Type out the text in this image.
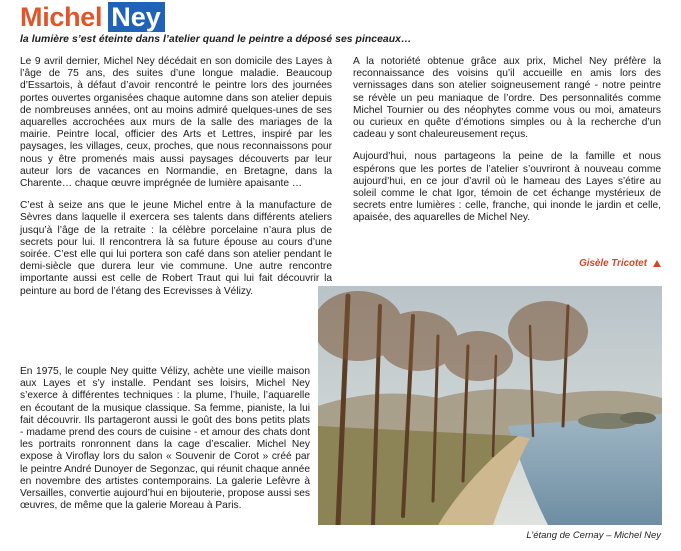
Michel Ney
la lumière s’est éteinte dans l’atelier quand le peintre a déposé ses pinceaux…

Le 9 avril dernier, Michel Ney décédait en son domicile des Layes à l’âge de 75 ans, des suites d’une longue maladie. Beaucoup d’Essartois, à défaut d’avoir rencontré le peintre lors des journées portes ouvertes organisées chaque automne dans son atelier depuis de nombreuses années, ont au moins admiré quelques-unes de ses aquarelles accrochées aux murs de la salle des mariages de la mairie. Peintre local, officier des Arts et Lettres, inspiré par les paysages, les villages, ceux, proches, que nous reconnaissons pour nous y être promenés mais aussi paysages découverts par leur auteur lors de vacances en Normandie, en Bretagne, dans la Charente… chaque œuvre imprégnée de lumière apaisante …

C’est à seize ans que le jeune Michel entre à la manufacture de Sèvres dans laquelle il exercera ses talents dans différents ateliers jusqu’à l’âge de la retraite : la célèbre porcelaine n’aura plus de secrets pour lui. Il rencontrera là sa future épouse au cours d’une soirée. C’est elle qui lui portera son café dans son atelier pendant le demi-siècle que durera leur vie commune. Une autre rencontre importante aussi est celle de Robert Traut qui lui fait découvrir la peinture au bord de l’étang des Ecrevisses à Vélizy.

En 1975, le couple Ney quitte Vélizy, achète une vieille maison aux Layes et s’y installe. Pendant ses loisirs, Michel Ney s’exerce à différentes techniques : la plume, l’huile, l’aquarelle en écoutant de la musique classique. Sa femme, pianiste, la lui fait découvrir. Ils partageront aussi le goût des bons petits plats - madame prend des cours de cuisine - et amour des chats dont les portraits ronronnent dans la cage d’escalier. Michel Ney expose à Viroflay lors du salon « Souvenir de Corot » créé par le peintre André Dunoyer de Segonzac, qui réunit chaque année en novembre des artistes contemporains. La galerie Lefèvre à Versailles, convertie aujourd’hui en bijouterie, propose aussi ses œuvres, de même que la galerie Moreau à Paris.

A la notoriété obtenue grâce aux prix, Michel Ney préfère la reconnaissance des voisins qu’il accueille en amis lors des vernissages dans son atelier soigneusement rangé - notre peintre se révèle un peu maniaque de l’ordre. Des personnalités comme Michel Tournier ou des néophytes comme vous ou moi, amateurs ou curieux en quête d’émotions simples ou à la recherche d’un cadeau y sont chaleureusement reçus.

Aujourd’hui, nous partageons la peine de la famille et nous espérons que les portes de l’atelier s’ouvriront à nouveau comme aujourd’hui, en ce jour d’avril où le hameau des Layes s’étire au soleil comme le chat Igor, témoin de cet échange mystérieux de secrets entre lumières : celle, franche, qui inonde le jardin et celle, apaisée, des aquarelles de Michel Ney.

Gisèle Tricotet
L’étang de Cernay – Michel Ney
